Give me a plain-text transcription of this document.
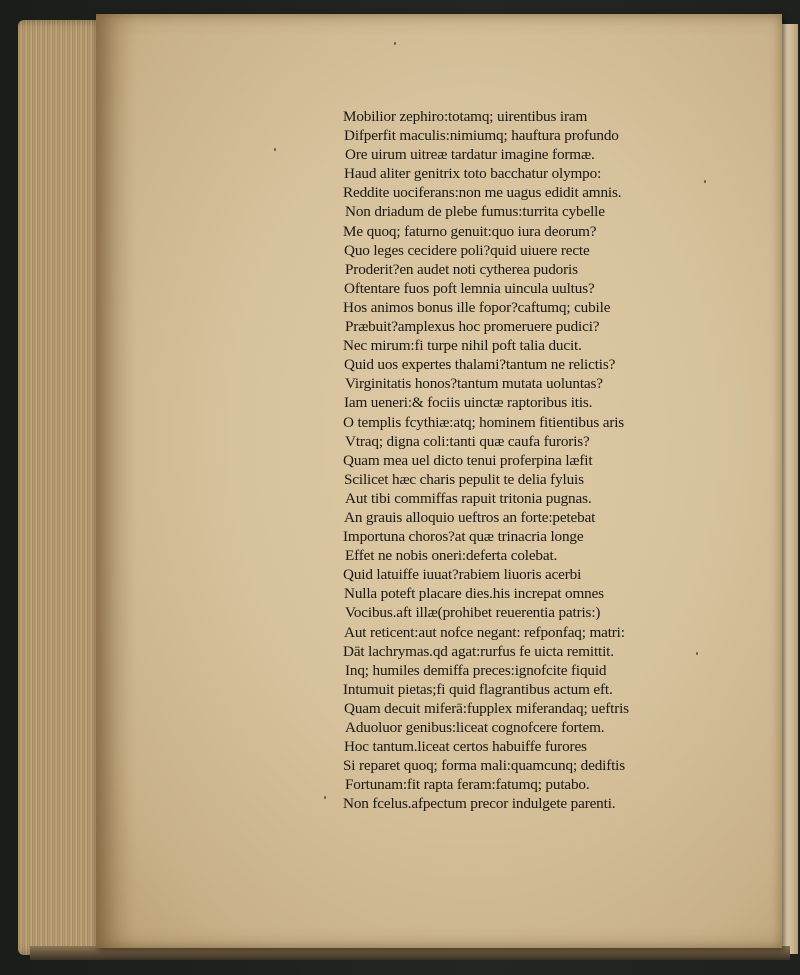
Mobilior zephiro:totamq; uirentibus iram
Difperfit maculis:nimiumq; hauftura profundo
Ore uirum uitreæ tardatur imagine formæ.
Haud aliter genitrix toto bacchatur olympo:
Reddite uociferans:non me uagus edidit amnis.
Non driadum de plebe fumus:turrita cybelle
Me quoq; faturno genuit:quo iura deorum?
Quo leges cecidere poli?quid uiuere recte
Proderit?en audet noti cytherea pudoris
Oftentare fuos poft lemnia uincula uultus?
Hos animos bonus ille fopor?caftumq; cubile
Præbuit?amplexus hoc promeruere pudici?
Nec mirum:fi turpe nihil poft talia ducit.
Quid uos expertes thalami?tantum ne relictis?
Virginitatis honos?tantum mutata uoluntas?
Iam ueneri:& fociis uinctæ raptoribus itis.
O templis fcythiæ:atq; hominem fitientibus aris
Vtraq; digna coli:tanti quæ caufa furoris?
Quam mea uel dicto tenui proferpina læfit
Scilicet hæc charis pepulit te delia fyluis
Aut tibi commiffas rapuit tritonia pugnas.
An grauis alloquio ueftros an forte:petebat
Importuna choros?at quæ trinacria longe
Effet ne nobis oneri:deferta colebat.
Quid latuiffe iuuat?rabiem liuoris acerbi
Nulla poteft placare dies.his increpat omnes
Vocibus.aft illæ(prohibet reuerentia patris:)
Aut reticent:aut nofce negant: refponfaq; matri:
Dāt lachrymas.qd agat:rurfus fe uicta remittit.
Inq; humiles demiffa preces:ignofcite fiquid
Intumuit pietas;fi quid flagrantibus actum eft.
Quam decuit miferā:fupplex miferandaq; ueftris
Aduoluor genibus:liceat cognofcere fortem.
Hoc tantum.liceat certos habuiffe furores
Si reparet quoq; forma mali:quamcunq; dediftis
Fortunam:fit rapta feram:fatumq; putabo.
Non fcelus.afpectum precor indulgete parenti.
